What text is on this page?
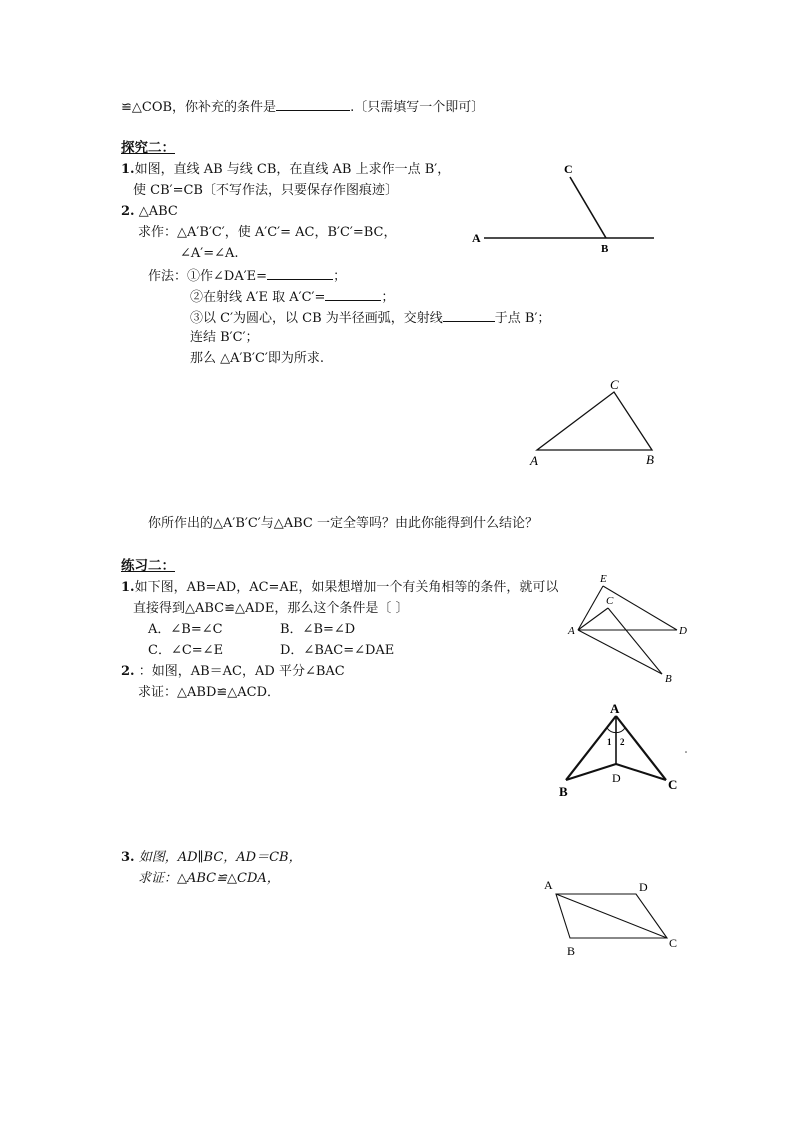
≌△COB，你补充的条件是	.〔只需填写一个即可〕
探究二：
1.如图，直线 AB 与线 CB，在直线 AB 上求作一点 B′，
使 CB′=CB〔不写作法，只要保存作图痕迹〕
2. △ABC
求作：△A′B′C′，使 A′C′= AC，B′C′=BC，
∠A′=∠A.
作法：①作∠DA′E=	；
②在射线 A′E 取 A′C′=	；
③以 C′为圆心，以 CB 为半径画弧，交射线	于点 B′；
连结 B′C′；
那么 △A′B′C′即为所求.
你所作出的△A′B′C′与△ABC 一定全等吗？由此你能得到什么结论？
练习二：
1.如下图，AB=AD，AC=AE，如果想增加一个有关角相等的条件，就可以
直接得到△ABC≌△ADE，那么这个条件是〔 〕
A．∠B=∠C	B．∠B=∠D
C．∠C=∠E	D．∠BAC=∠DAE
2. ：如图，AB＝AC，AD 平分∠BAC
求证：△ABD≌△ACD．
3. 如图，AD∥BC，AD＝CB，
求证：△ABC≌△CDA，
C
A
B
C
A	B
E
C
A	D
B
A
B	C
D
1 2
A	D
B
C
